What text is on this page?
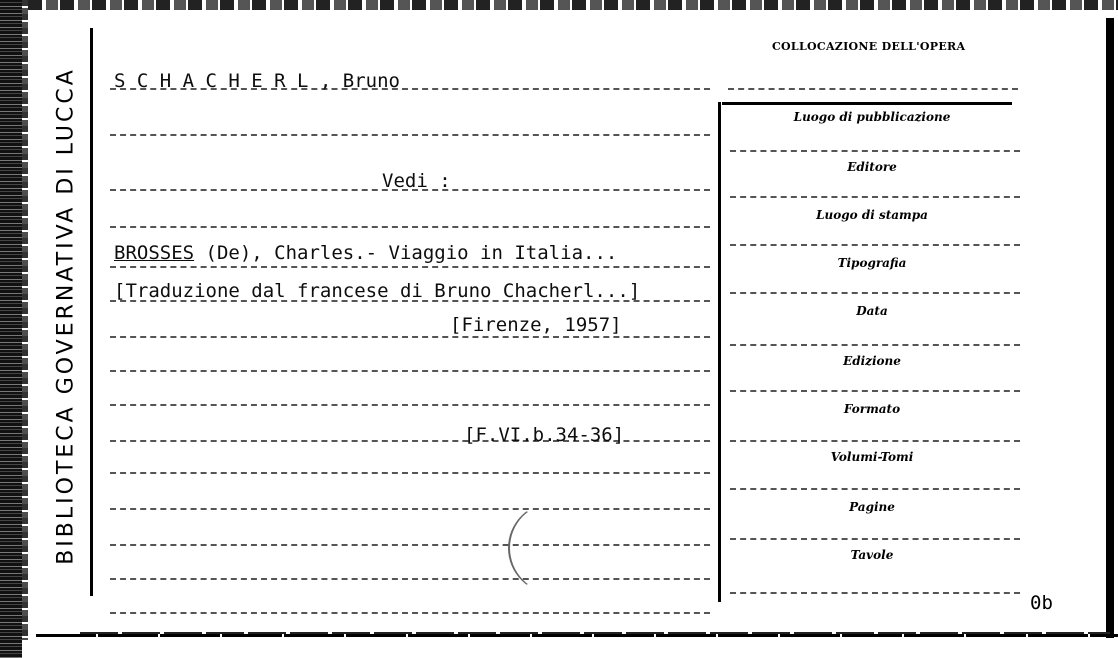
BIBLIOTECA GOVERNATIVA DI LUCCA S C H A C H E R L , Bruno
Vedi :
BROSSES (De), Charles.- Viaggio in Italia...
[Traduzione dal francese di Bruno Chacherl...]
[Firenze, 1957]
[F.VI.b.34-36]
COLLOCAZIONE DELL'OPERA
Luogo di pubblicazione
Editore
Luogo di stampa
Tipografia
Data
Edizione
Formato
Volumi-Tomi
Pagine
Tavole
0b
